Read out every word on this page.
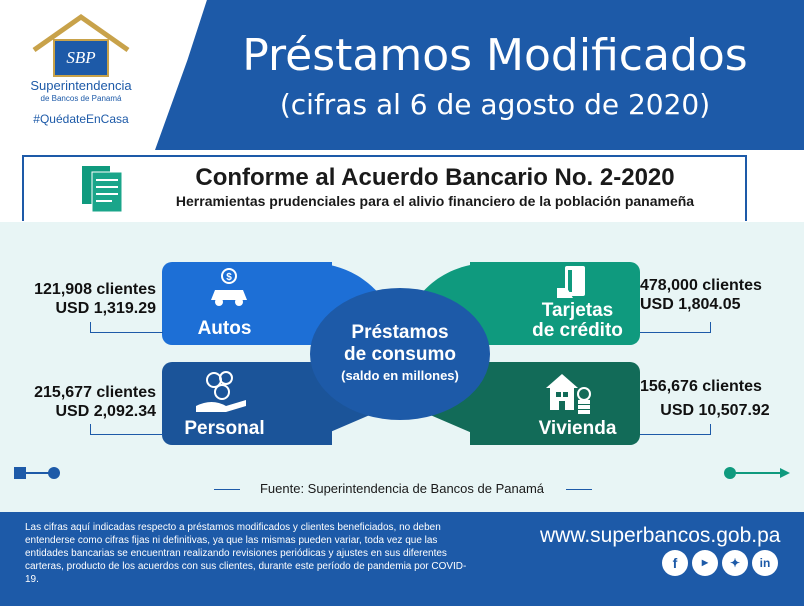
SBP
Superintendencia
de Bancos de Panamá
#QuédateEnCasa
Préstamos Modificados
(cifras al 6 de agosto de 2020)
Conforme al Acuerdo Bancario No. 2-2020
Herramientas prudenciales para el alivio financiero de la población panameña
$
Autos
Personal
Tarjetas
de crédito
Vivienda
Préstamos
de consumo
(saldo en millones)
121,908 clientes
USD 1,319.29
215,677 clientes
USD 2,092.34
478,000 clientes
USD 1,804.05
156,676 clientes
USD 10,507.92
Fuente: Superintendencia de Bancos de Panamá
Las cifras aquí indicadas respecto a préstamos modificados y clientes beneficiados, no deben entenderse como cifras fijas ni definitivas, ya que las mismas pueden variar, toda vez que las entidades bancarias se encuentran realizando revisiones periódicas y ajustes en sus diferentes carteras, producto de los acuerdos con sus clientes, durante este período de pandemia por COVID-19.
www.superbancos.gob.pa
f	▶	✦	in
